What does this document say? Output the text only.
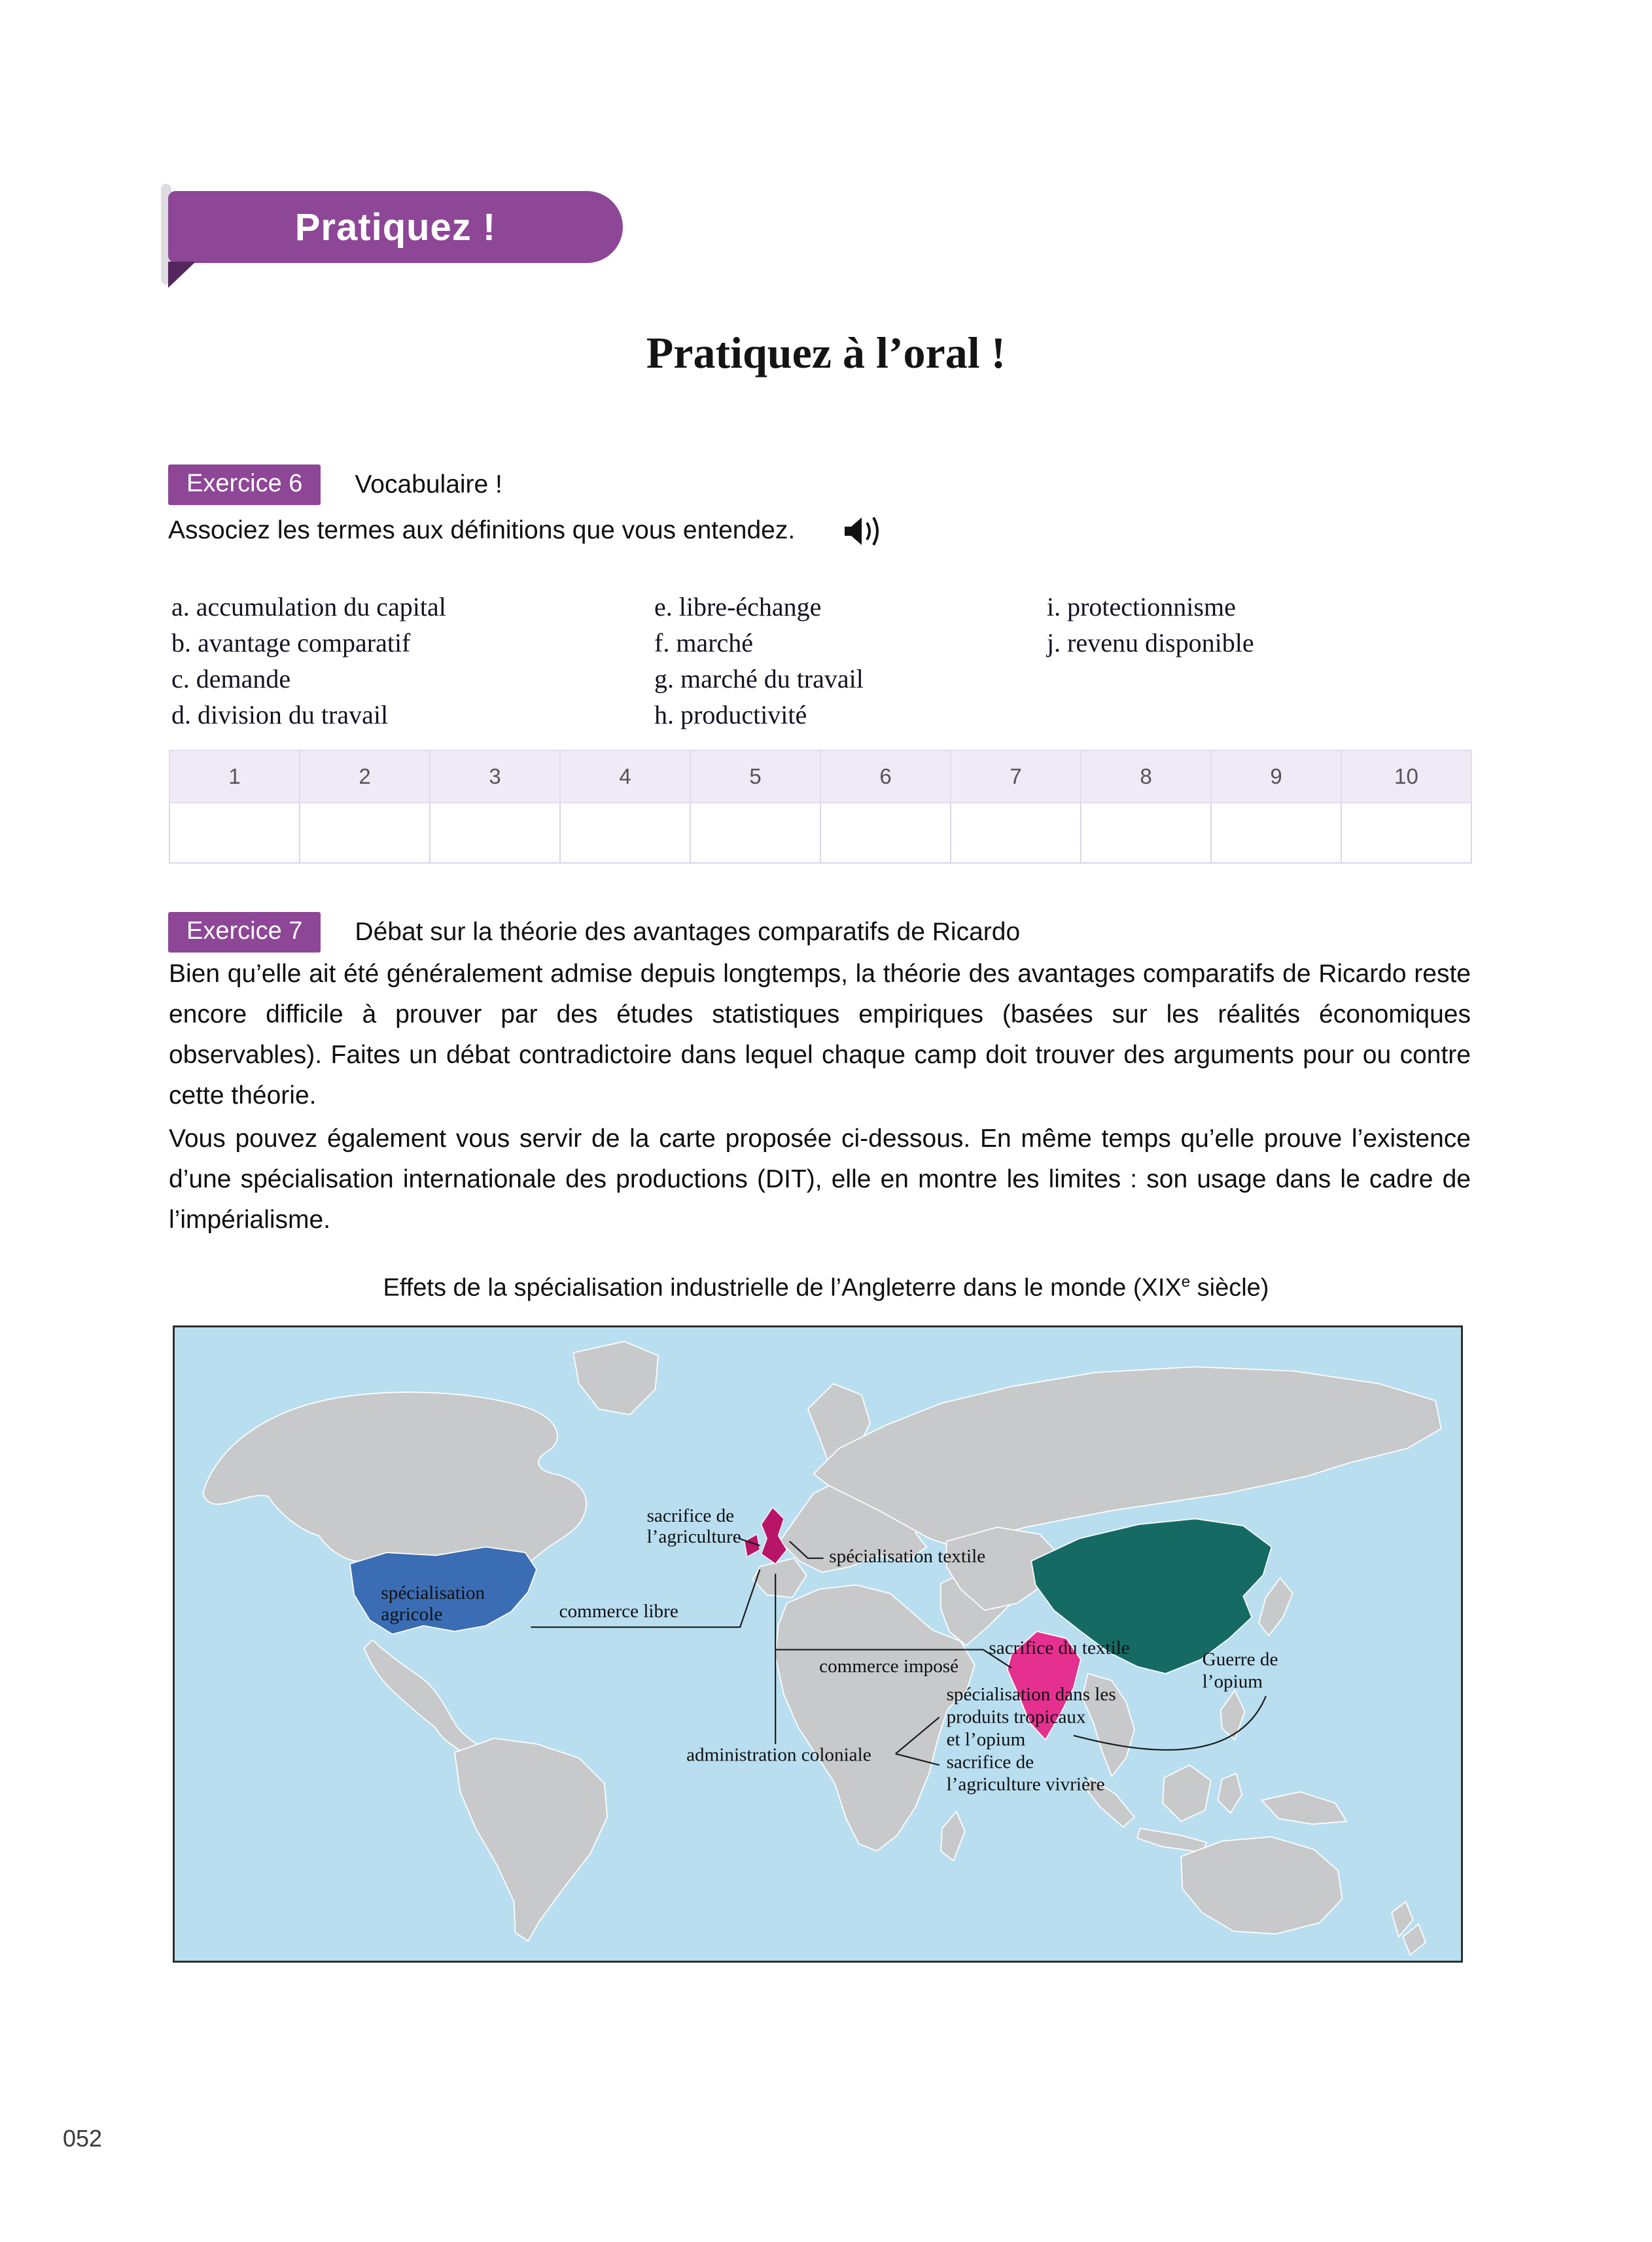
Pratiquez !
Pratiquez à l’oral !
Exercice 6	Vocabulaire !
Associez les termes aux définitions que vous entendez.
a. accumulation du capital
b. avantage comparatif
c. demande
d. division du travail
e. libre-échange
f. marché
g. marché du travail
h. productivité
i. protectionnisme
j. revenu disponible
1	2	3	4	5	6	7	8	9	10

Exercice 7	Débat sur la théorie des avantages comparatifs de Ricardo

Bien qu’elle ait été généralement admise depuis longtemps, la théorie des avantages comparatifs de Ricardo reste encore difficile à prouver par des études statistiques empiriques (basées sur les réalités économiques observables). Faites un débat contradictoire dans lequel chaque camp doit trouver des arguments pour ou contre cette théorie.

Vous pouvez également vous servir de la carte proposée ci-dessous. En même temps qu’elle prouve l’existence d’une spécialisation internationale des productions (DIT), elle en montre les limites : son usage dans le cadre de l’impérialisme.

Effets de la spécialisation industrielle de l’Angleterre dans le monde (XIXe siècle)
sacrifice de
l’agriculture
spécialisation textile
spécialisation
agricole	commerce libre
commerce imposé
sacrifice du textile
Guerre de
l’opium
spécialisation dans les
produits tropicaux
et l’opium
sacrifice de
l’agriculture vivrière
administration coloniale
052
